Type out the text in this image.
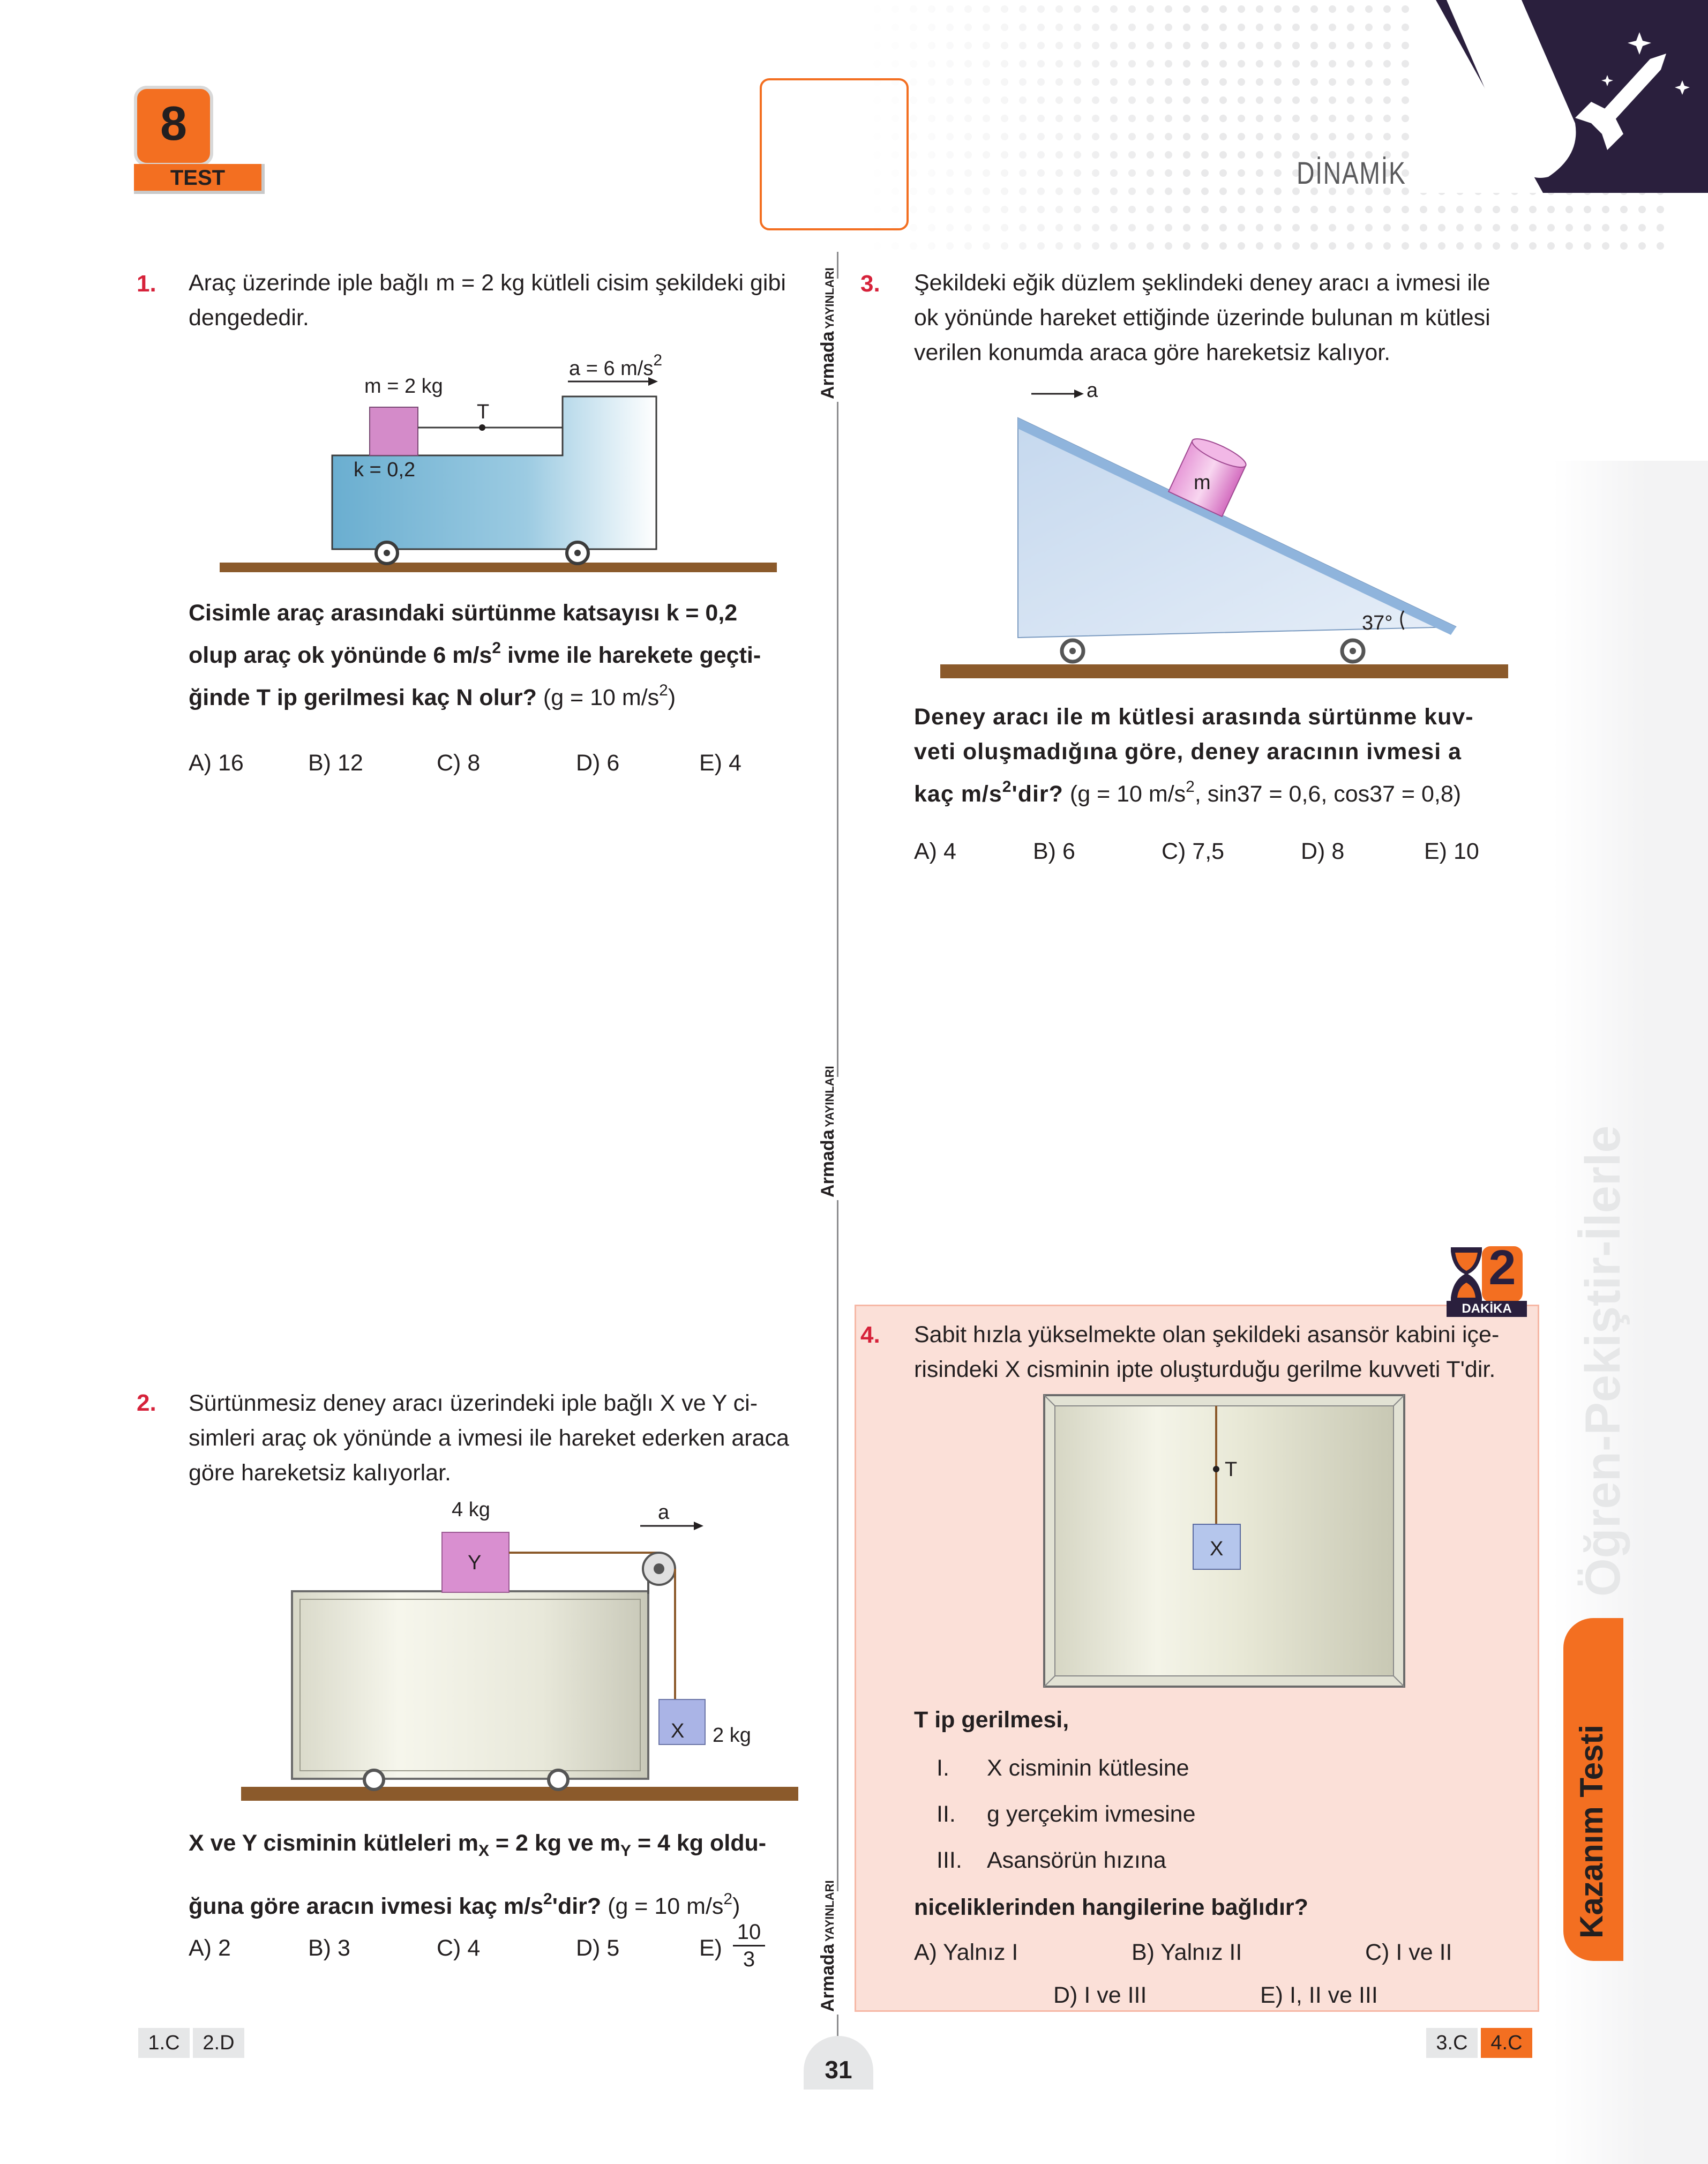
8
TEST	DİNAMİK
Öğren-Pekiştir-İlerle
Kazanım Testi
Armada YAYINLARI
Armada YAYINLARI
Armada YAYINLARI
1. Araç üzerinde iple bağlı m = 2 kg kütleli cisim şekildeki gibi
dengededir.
m = 2 kg
a = 6 $m/s^2$
T
k = 0,2
Cisimle araç arasındaki sürtünme katsayısı k = 0,2
olup araç ok yönünde 6 $m/s^2$ ivme ile harekete geçti-
ğinde T ip gerilmesi kaç N olur? (g = 10 $m/s^2$)
A) 16	B) 12	C) 8	D) 6	E) 4
2. Sürtünmesiz deney aracı üzerindeki iple bağlı X ve Y ci-
simleri araç ok yönünde a ivmesi ile hareket ederken araca
göre hareketsiz kalıyorlar.
4 kg
Y
a
X 2 kg
X ve Y cisminin kütleleri $m_X = 2$ kg ve $m_Y = 4$ kg oldu-
ğuna göre aracın ivmesi kaç $m/s^2'dir$? (g = 10 $m/s^2$)
A) 2	B) 3	C) 4	D) 5	E)
10
3
3. Şekildeki eğik düzlem şeklindeki deney aracı a ivmesi ile
ok yönünde hareket ettiğinde üzerinde bulunan m kütlesi
verilen konumda araca göre hareketsiz kalıyor.
a
m
37°
Deney aracı ile m kütlesi arasında sürtünme kuv-
veti oluşmadığına göre, deney aracının ivmesi a
kaç $m/s^2'dir$? (g = 10 $m/s^2$, sin37 = 0,6, cos37 = 0,8)
A) 4	B) 6	C) 7,5	D) 8	E) 10
2
DAKİKA
4. Sabit hızla yükselmekte olan şekildeki asansör kabini içe-
risindeki X cisminin ipte oluşturduğu gerilme kuvveti T'dir.
T
X
T ip gerilmesi,
I. X cisminin kütlesine
II. g yerçekim ivmesine
III. Asansörün hızına
niceliklerinden hangilerine bağlıdır?
A) Yalnız I	B) Yalnız II	C) I ve II
D) I ve III	E) I, II ve III
1.C	2.D	3.C	4.C
31
